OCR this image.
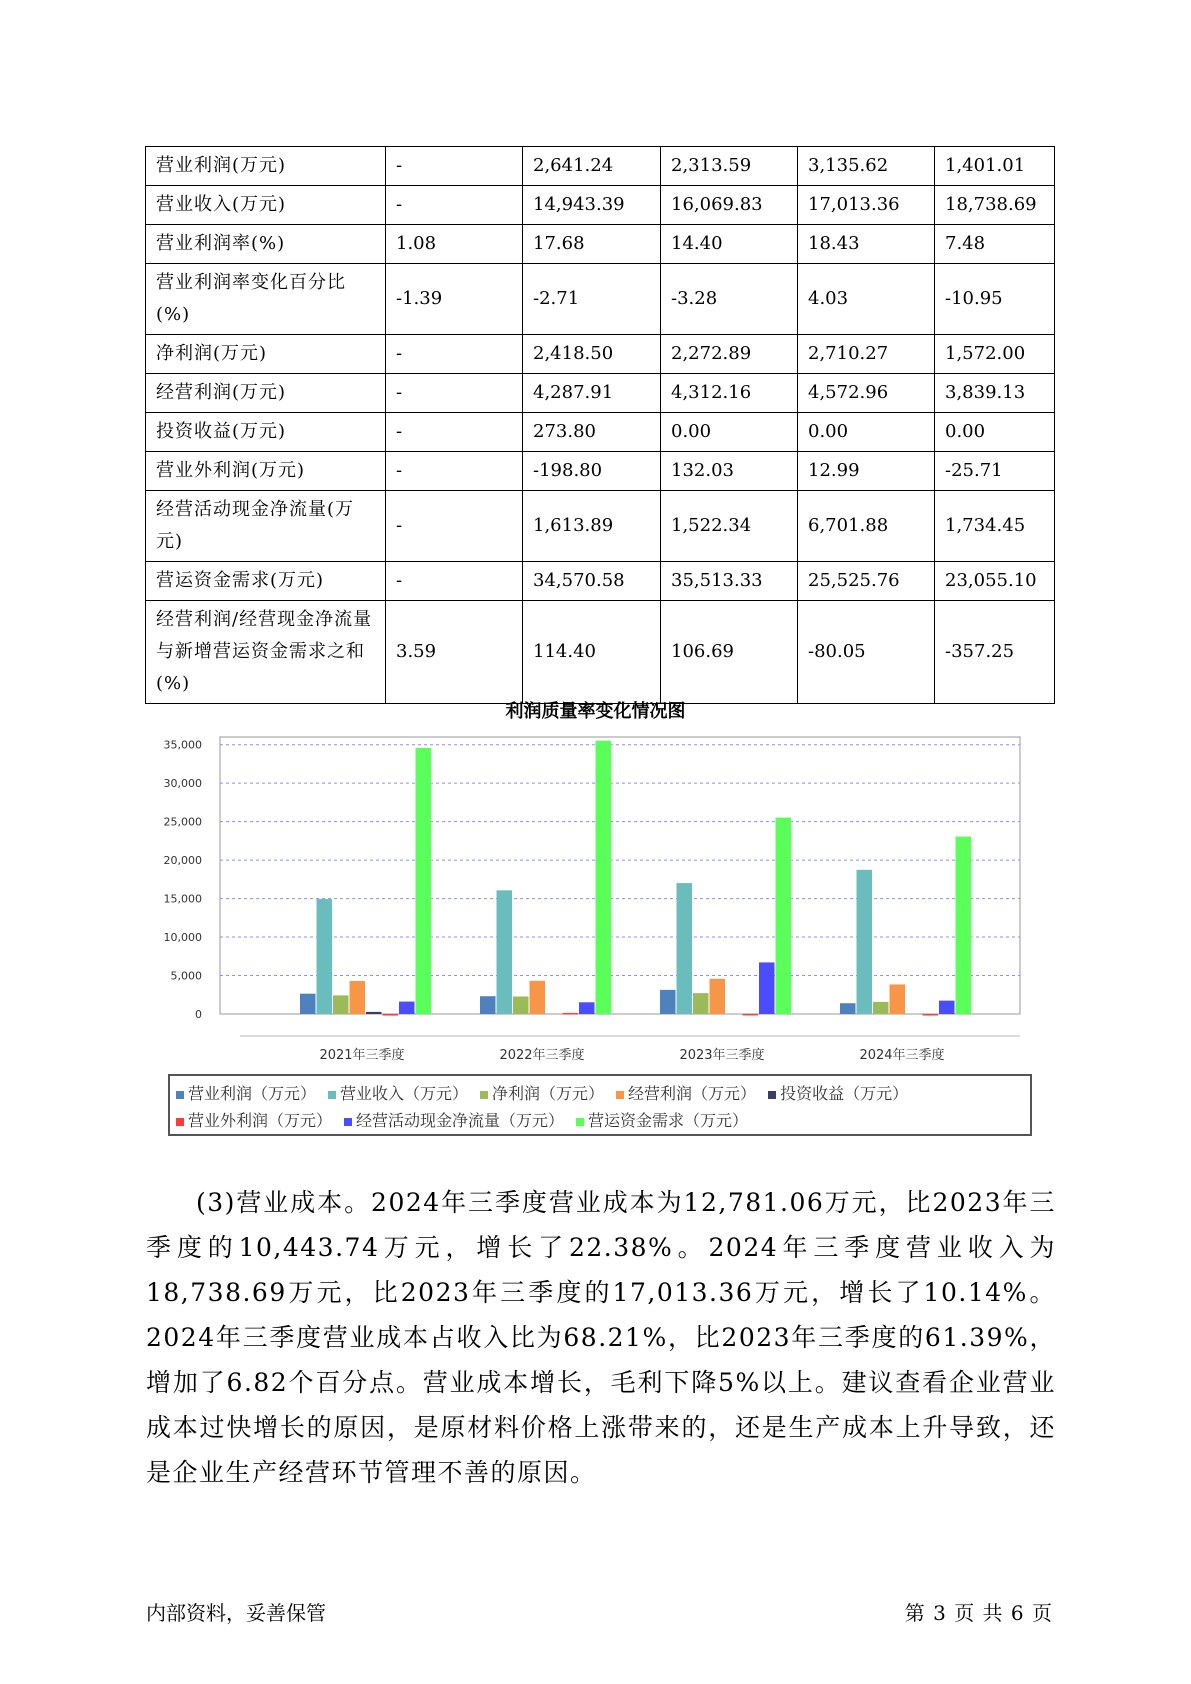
营业利润(万元)	-	2,641.24	2,313.59	3,135.62	1,401.01
营业收入(万元)	-	14,943.39	16,069.83	17,013.36	18,738.69
营业利润率(%)	1.08	17.68	14.40	18.43	7.48
营业利润率变化百分比(%)	-1.39	-2.71	-3.28	4.03	-10.95
净利润(万元)	-	2,418.50	2,272.89	2,710.27	1,572.00
经营利润(万元)	-	4,287.91	4,312.16	4,572.96	3,839.13
投资收益(万元)	-	273.80	0.00	0.00	0.00
营业外利润(万元)	-	-198.80	132.03	12.99	-25.71
经营活动现金净流量(万元)	-	1,613.89	1,522.34	6,701.88	1,734.45
营运资金需求(万元)	-	34,570.58	35,513.33	25,525.76	23,055.10
经营利润/经营现金净流量与新增营运资金需求之和(%)	3.59	114.40	106.69	-80.05	-357.25
利润质量率变化情况图
0
5,000
10,000
15,000
20,000
25,000
30,000
35,000
2021年三季度	2022年三季度	2023年三季度	2024年三季度
营业利润（万元） 营业收入（万元） 净利润（万元） 经营利润（万元） 投资收益（万元）
营业外利润（万元） 经营活动现金净流量（万元） 营运资金需求（万元）

(3)营业成本。2024年三季度营业成本为12,781.06万元，比2023年三季度的10,443.74万元，增长了22.38%。2024年三季度营业收入为18,738.69万元，比2023年三季度的17,013.36万元，增长了10.14%。2024年三季度营业成本占收入比为68.21%，比2023年三季度的61.39%，增加了6.82个百分点。营业成本增长，毛利下降5%以上。建议查看企业营业成本过快增长的原因，是原材料价格上涨带来的，还是生产成本上升导致，还是企业生产经营环节管理不善的原因。

内部资料，妥善保管	第 3 页 共 6 页
